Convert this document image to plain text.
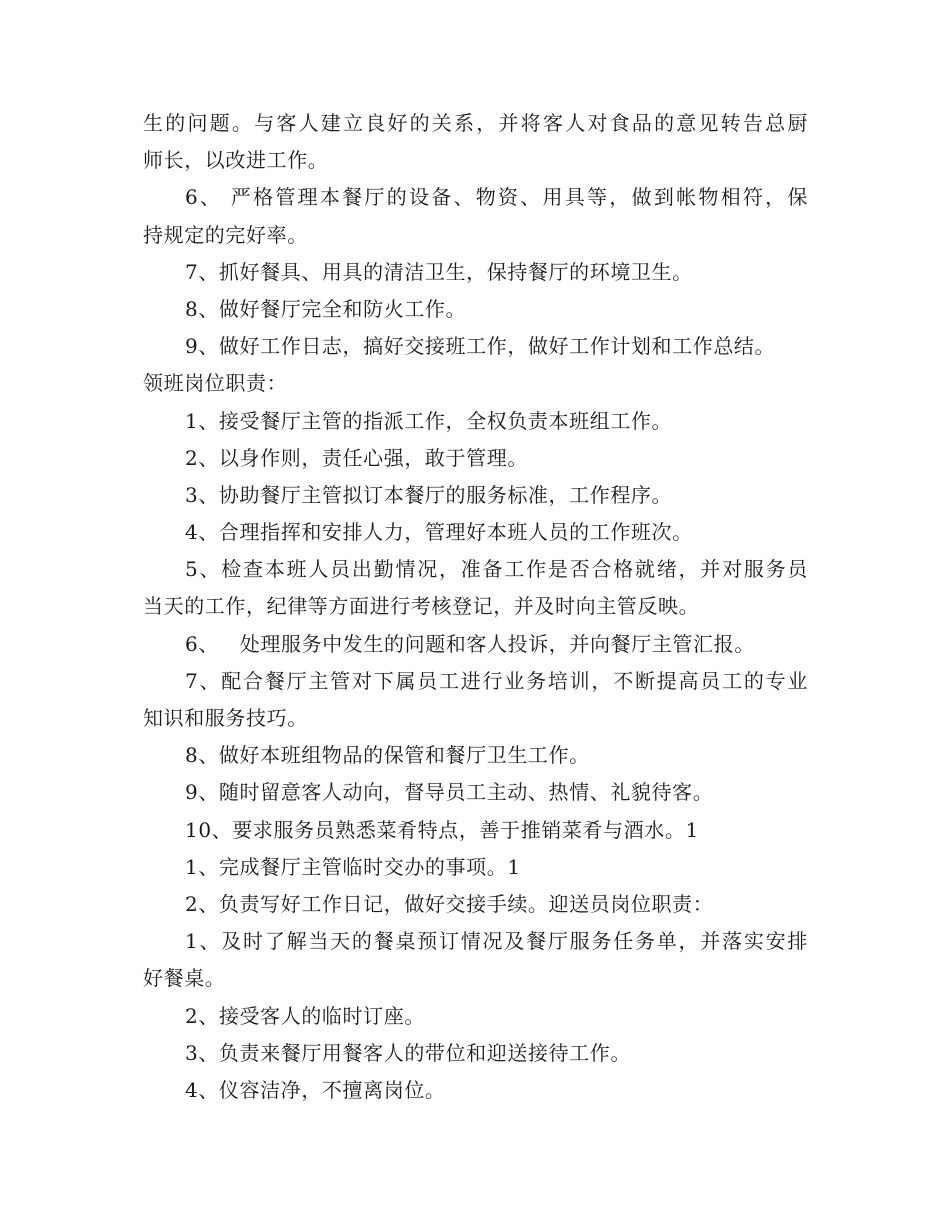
生的问题。与客人建立良好的关系，并将客人对食品的意见转告总厨

师长，以改进工作。

6、 严格管理本餐厅的设备、物资、用具等，做到帐物相符，保

持规定的完好率。

7、抓好餐具、用具的清洁卫生，保持餐厅的环境卫生。

8、做好餐厅完全和防火工作。

9、做好工作日志，搞好交接班工作，做好工作计划和工作总结。

领班岗位职责：

1、接受餐厅主管的指派工作，全权负责本班组工作。

2、以身作则，责任心强，敢于管理。

3、协助餐厅主管拟订本餐厅的服务标准，工作程序。

4、合理指挥和安排人力，管理好本班人员的工作班次。

5、检查本班人员出勤情况，准备工作是否合格就绪，并对服务员

当天的工作，纪律等方面进行考核登记，并及时向主管反映。

6、   处理服务中发生的问题和客人投诉，并向餐厅主管汇报。

7、配合餐厅主管对下属员工进行业务培训，不断提高员工的专业

知识和服务技巧。

8、做好本班组物品的保管和餐厅卫生工作。

9、随时留意客人动向，督导员工主动、热情、礼貌待客。

10、要求服务员熟悉菜肴特点，善于推销菜肴与酒水。1

1、完成餐厅主管临时交办的事项。1

2、负责写好工作日记，做好交接手续。迎送员岗位职责：

1、及时了解当天的餐桌预订情况及餐厅服务任务单，并落实安排

好餐桌。

2、接受客人的临时订座。

3、负责来餐厅用餐客人的带位和迎送接待工作。

4、仪容洁净，不擅离岗位。
